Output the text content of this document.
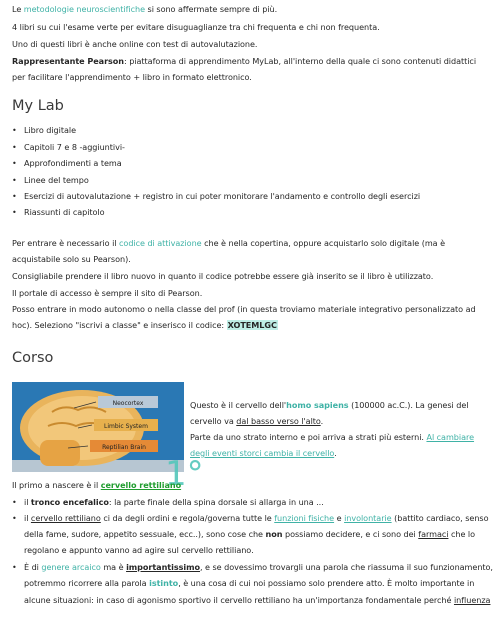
Le metodologie neuroscientifiche si sono affermate sempre di più.
4 libri su cui l'esame verte per evitare disuguaglianze tra chi frequenta e chi non frequenta.
Uno di questi libri è anche online con test di autovalutazione.
Rappresentante Pearson: piattaforma di apprendimento MyLab, all'interno della quale ci sono contenuti didattici
per facilitare l'apprendimento + libro in formato elettronico.
My Lab
• Libro digitale
• Capitoli 7 e 8 -aggiuntivi-
• Approfondimenti a tema
• Linee del tempo
• Esercizi di autovalutazione + registro in cui poter monitorare l'andamento e controllo degli esercizi
• Riassunti di capitolo
Per entrare è necessario il codice di attivazione che è nella copertina, oppure acquistarlo solo digitale (ma è
acquistabile solo su Pearson).
Consigliabile prendere il libro nuovo in quanto il codice potrebbe essere già inserito se il libro è utilizzato.
Il portale di accesso è sempre il sito di Pearson.
Posso entrare in modo autonomo o nella classe del prof (in questa troviamo materiale integrativo personalizzato ad
hoc). Seleziono "iscrivi a classe" e inserisco il codice: XOTEMLGC
Corso
Neocortex
Limbic System
Reptilian Brain
Questo è il cervello dell'homo sapiens (100000 ac.C.). La genesi del
cervello va dal basso verso l'alto.
Parte da uno strato interno e poi arriva a strati più esterni. Al cambiare
degli eventi storci cambia il cervello.
1°
Il primo a nascere è il cervello rettiliano
• il tronco encefalico: la parte finale della spina dorsale si allarga in una ...
• il cervello rettiliano ci da degli ordini e regola/governa tutte le funzioni fisiche e involontarie (battito cardiaco, senso
della fame, sudore, appetito sessuale, ecc..), sono cose che non possiamo decidere, e ci sono dei farmaci che lo
regolano e appunto vanno ad agire sul cervello rettiliano.
• È di genere arcaico ma è importantissimo, e se dovessimo trovargli una parola che riassuma il suo funzionamento,
potremmo ricorrere alla parola istinto, è una cosa di cui noi possiamo solo prendere atto. È molto importante in
alcune situazioni: in caso di agonismo sportivo il cervello rettiliano ha un'importanza fondamentale perché influenza
